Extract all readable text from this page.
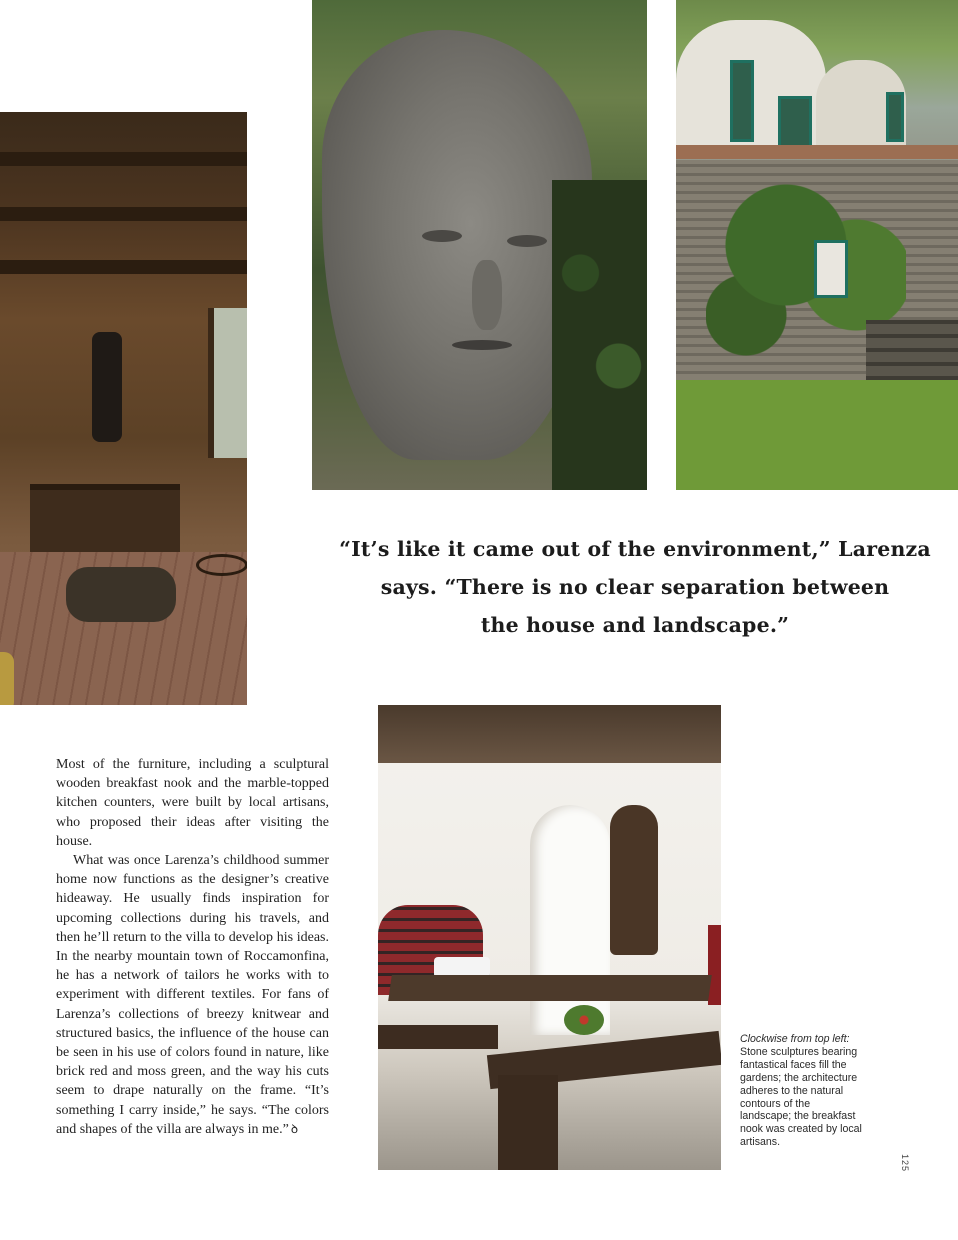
“It’s like it came out of the environment,” Larenza
says. “There is no clear separation between
the house and landscape.”

Most of the furniture, including a sculptural wooden breakfast nook and the marble-topped kitchen counters, were built by local artisans, who proposed their ideas after visiting the house.

What was once Larenza’s childhood summer home now functions as the designer’s creative hideaway. He usually finds inspiration for upcoming collections during his travels, and then he’ll return to the villa to develop his ideas. In the nearby mountain town of Roccamonfina, he has a network of tailors he works with to experiment with different textiles. For fans of Larenza’s collections of breezy knitwear and structured basics, the influence of the house can be seen in his use of colors found in nature, like brick red and moss green, and the way his cuts seem to drape naturally on the frame. “It’s something I carry inside,” he says. “The colors and shapes of the villa are always in me.” ꝺ

Clockwise from top left: Stone sculptures bearing fantastical faces fill the gardens; the architecture adheres to the natural contours of the landscape; the breakfast nook was created by local artisans.
125
